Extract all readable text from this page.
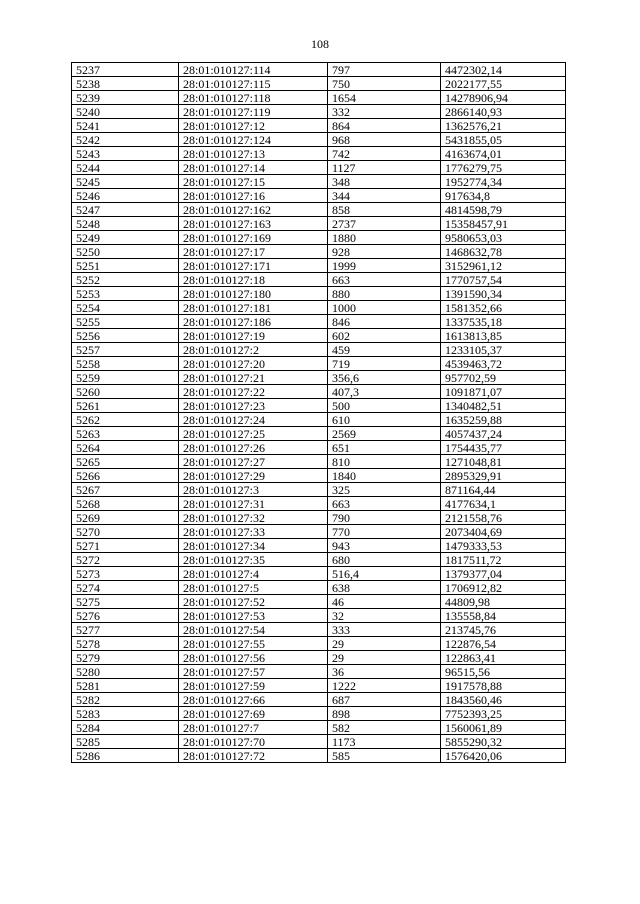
108
5237	28:01:010127:114	797	4472302,14
5238	28:01:010127:115	750	2022177,55
5239	28:01:010127:118	1654	14278906,94
5240	28:01:010127:119	332	2866140,93
5241	28:01:010127:12	864	1362576,21
5242	28:01:010127:124	968	5431855,05
5243	28:01:010127:13	742	4163674,01
5244	28:01:010127:14	1127	1776279,75
5245	28:01:010127:15	348	1952774,34
5246	28:01:010127:16	344	917634,8
5247	28:01:010127:162	858	4814598,79
5248	28:01:010127:163	2737	15358457,91
5249	28:01:010127:169	1880	9580653,03
5250	28:01:010127:17	928	1468632,78
5251	28:01:010127:171	1999	3152961,12
5252	28:01:010127:18	663	1770757,54
5253	28:01:010127:180	880	1391590,34
5254	28:01:010127:181	1000	1581352,66
5255	28:01:010127:186	846	1337535,18
5256	28:01:010127:19	602	1613813,85
5257	28:01:010127:2	459	1233105,37
5258	28:01:010127:20	719	4539463,72
5259	28:01:010127:21	356,6	957702,59
5260	28:01:010127:22	407,3	1091871,07
5261	28:01:010127:23	500	1340482,51
5262	28:01:010127:24	610	1635259,88
5263	28:01:010127:25	2569	4057437,24
5264	28:01:010127:26	651	1754435,77
5265	28:01:010127:27	810	1271048,81
5266	28:01:010127:29	1840	2895329,91
5267	28:01:010127:3	325	871164,44
5268	28:01:010127:31	663	4177634,1
5269	28:01:010127:32	790	2121558,76
5270	28:01:010127:33	770	2073404,69
5271	28:01:010127:34	943	1479333,53
5272	28:01:010127:35	680	1817511,72
5273	28:01:010127:4	516,4	1379377,04
5274	28:01:010127:5	638	1706912,82
5275	28:01:010127:52	46	44809,98
5276	28:01:010127:53	32	135558,84
5277	28:01:010127:54	333	213745,76
5278	28:01:010127:55	29	122876,54
5279	28:01:010127:56	29	122863,41
5280	28:01:010127:57	36	96515,56
5281	28:01:010127:59	1222	1917578,88
5282	28:01:010127:66	687	1843560,46
5283	28:01:010127:69	898	7752393,25
5284	28:01:010127:7	582	1560061,89
5285	28:01:010127:70	1173	5855290,32
5286	28:01:010127:72	585	1576420,06
